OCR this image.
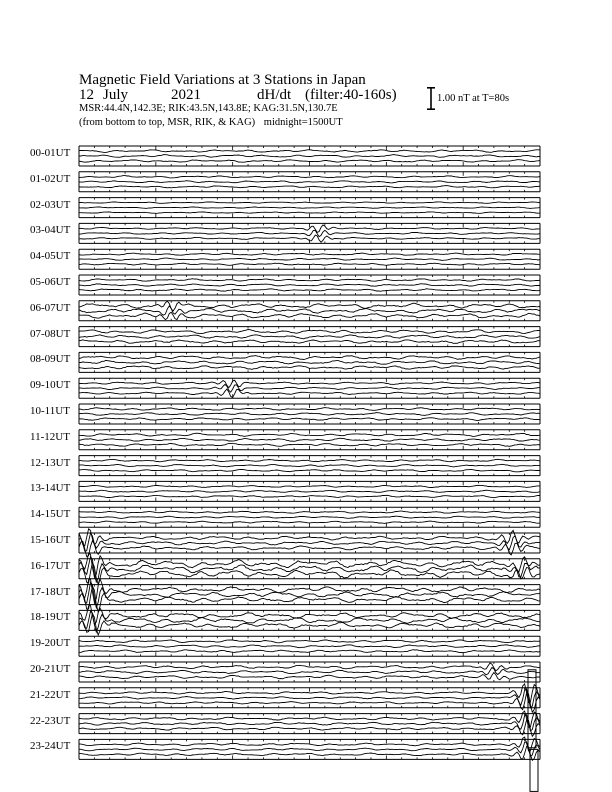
Magnetic Field Variations at 3 Stations in Japan
12 July	2021	dH/dt (filter:40-160s)
MSR:44.4N,142.3E; RIK:43.5N,143.8E; KAG:31.5N,130.7E
(from bottom to top, MSR, RIK, & KAG) midnight=1500UT
1.00 nT at T=80s
00-01UT
01-02UT
02-03UT
03-04UT
04-05UT
05-06UT
06-07UT
07-08UT
08-09UT
09-10UT
10-11UT
11-12UT
12-13UT
13-14UT
14-15UT
15-16UT
16-17UT
17-18UT
18-19UT
19-20UT
20-21UT
21-22UT
22-23UT
23-24UT
